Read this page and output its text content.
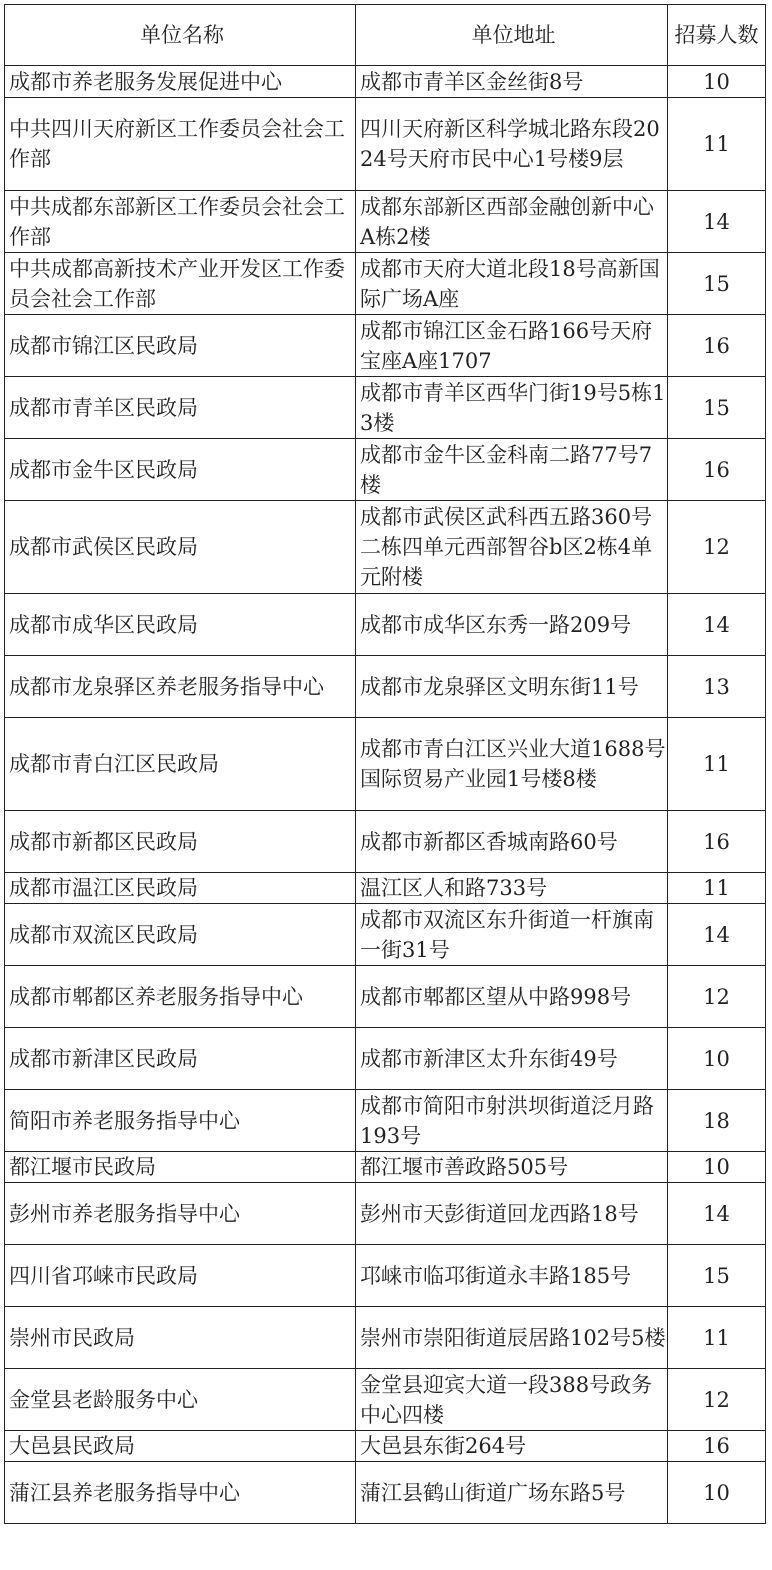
单位名称	单位地址	招募人数
成都市养老服务发展促进中心	成都市青羊区金丝街8号	10
中共四川天府新区工作委员会社会工作部	四川天府新区科学城北路东段2024号天府市民中心1号楼9层	11
中共成都东部新区工作委员会社会工作部	成都东部新区西部金融创新中心A栋2楼	14
中共成都高新技术产业开发区工作委员会社会工作部	成都市天府大道北段18号高新国际广场A座	15
成都市锦江区民政局	成都市锦江区金石路166号天府宝座A座1707	16
成都市青羊区民政局	成都市青羊区西华门街19号5栋13楼	15
成都市金牛区民政局	成都市金牛区金科南二路77号7楼	16
成都市武侯区民政局	成都市武侯区武科西五路360号二栋四单元西部智谷b区2栋4单元附楼	12
成都市成华区民政局	成都市成华区东秀一路209号	14
成都市龙泉驿区养老服务指导中心	成都市龙泉驿区文明东街11号	13
成都市青白江区民政局	成都市青白江区兴业大道1688号国际贸易产业园1号楼8楼	11
成都市新都区民政局	成都市新都区香城南路60号	16
成都市温江区民政局	温江区人和路733号	11
成都市双流区民政局	成都市双流区东升街道一杆旗南一街31号	14
成都市郫都区养老服务指导中心	成都市郫都区望从中路998号	12
成都市新津区民政局	成都市新津区太升东街49号	10
简阳市养老服务指导中心	成都市简阳市射洪坝街道泛月路193号	18
都江堰市民政局	都江堰市善政路505号	10
彭州市养老服务指导中心	彭州市天彭街道回龙西路18号	14
四川省邛崃市民政局	邛崃市临邛街道永丰路185号	15
崇州市民政局	崇州市崇阳街道辰居路102号5楼	11
金堂县老龄服务中心	金堂县迎宾大道一段388号政务中心四楼	12
大邑县民政局	大邑县东街264号	16
蒲江县养老服务指导中心	蒲江县鹤山街道广场东路5号	10
